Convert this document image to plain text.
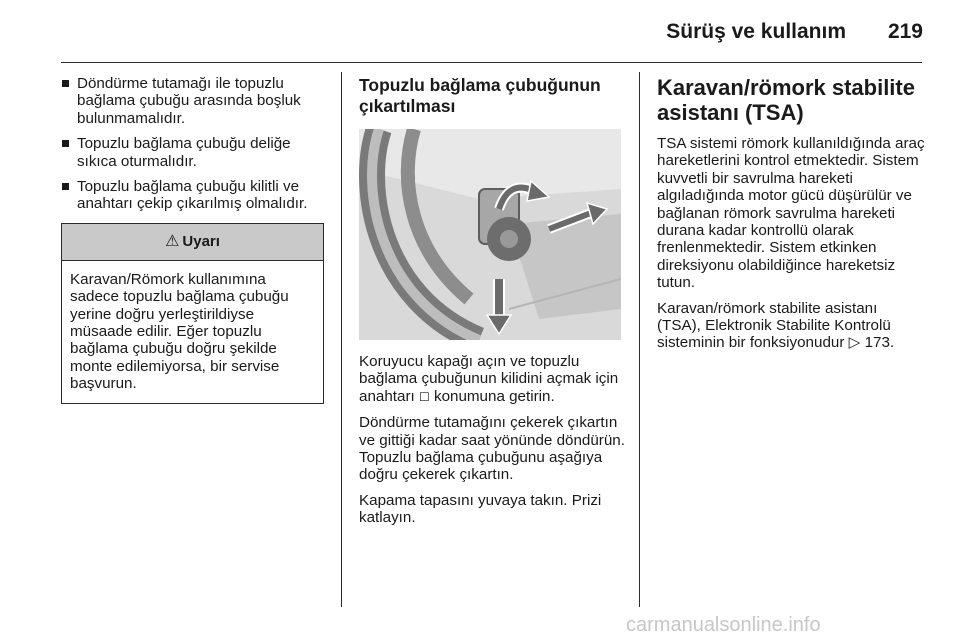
Sürüş ve kullanım	219
Döndürme tutamağı ile topuzlu bağlama çubuğu arasında boşluk bulunmamalıdır.
Topuzlu bağlama çubuğu deliğe sıkıca oturmalıdır.
Topuzlu bağlama çubuğu kilitli ve anahtarı çekip çıkarılmış olmalıdır.
⚠ Uyarı
Karavan/Römork kullanımına sadece topuzlu bağlama çubuğu yerine doğru yerleştirildiyse müsaade edilir. Eğer topuzlu bağlama çubuğu doğru şekilde monte edilemiyorsa, bir servise başvurun.
Topuzlu bağlama çubuğunun çıkartılması

Koruyucu kapağı açın ve topuzlu bağlama çubuğunun kilidini açmak için anahtarı ☐ konumuna getirin.

Döndürme tutamağını çekerek çıkartın ve gittiği kadar saat yönünde döndürün. Topuzlu bağlama çubuğunu aşağıya doğru çekerek çıkartın.

Kapama tapasını yuvaya takın. Prizi katlayın.

Karavan/römork stabilite asistanı (TSA)

TSA sistemi römork kullanıldığında araç hareketlerini kontrol etmektedir. Sistem kuvvetli bir savrulma hareketi algıladığında motor gücü düşürülür ve bağlanan römork savrulma hareketi durana kadar kontrollü olarak frenlenmektedir. Sistem etkinken direksiyonu olabildiğince hareketsiz tutun.

Karavan/römork stabilite asistanı (TSA), Elektronik Stabilite Kontrolü sisteminin bir fonksiyonudur ▷ 173.

carmanualsonline.info
